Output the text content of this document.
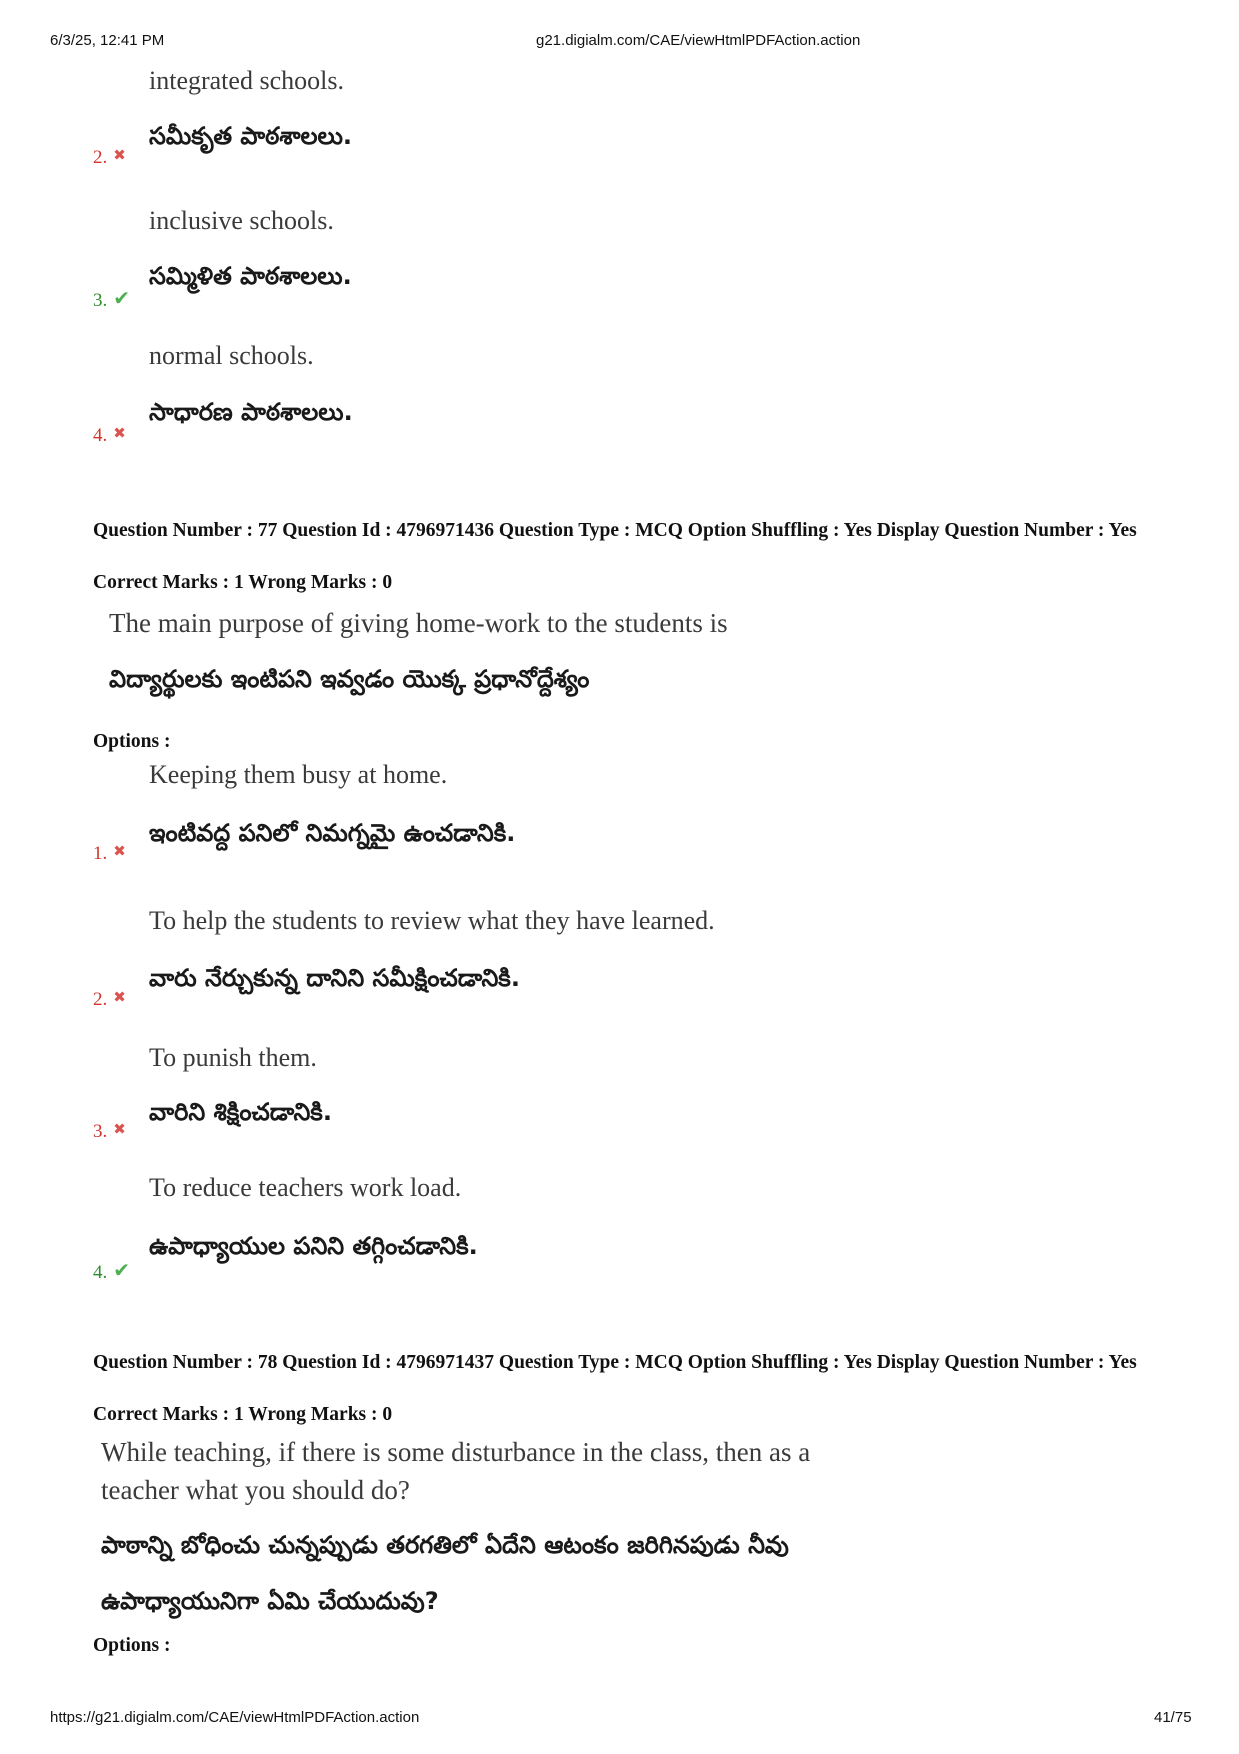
6/3/25, 12:41 PM	g21.digialm.com/CAE/viewHtmlPDFAction.action
integrated schools.
సమీకృత పాఠశాలలు.
2. ✖
inclusive schools.
సమ్మిళిత పాఠశాలలు.
3. ✔
normal schools.
సాధారణ పాఠశాలలు.
4. ✖
Question Number : 77 Question Id : 4796971436 Question Type : MCQ Option Shuffling : Yes Display Question Number : Yes
Correct Marks : 1 Wrong Marks : 0
The main purpose of giving home-work to the students is
విద్యార్థులకు ఇంటిపని ఇవ్వడం యొక్క ప్రధానోద్దేశ్యం
Options :
Keeping them busy at home.
ఇంటివద్ద పనిలో నిమగ్నమై ఉంచడానికి.
1. ✖
To help the students to review what they have learned.
వారు నేర్చుకున్న దానిని సమీక్షించడానికి.
2. ✖
To punish them.
వారిని శిక్షించడానికి.
3. ✖
To reduce teachers work load.
ఉపాధ్యాయుల పనిని తగ్గించడానికి.
4. ✔
Question Number : 78 Question Id : 4796971437 Question Type : MCQ Option Shuffling : Yes Display Question Number : Yes
Correct Marks : 1 Wrong Marks : 0
While teaching, if there is some disturbance in the class, then as a
teacher what you should do?
పాఠాన్ని బోధించు చున్నప్పుడు తరగతిలో ఏదేని ఆటంకం జరిగినపుడు నీవు
ఉపాధ్యాయునిగా ఏమి చేయుదువు?
Options :
https://g21.digialm.com/CAE/viewHtmlPDFAction.action	41/75
